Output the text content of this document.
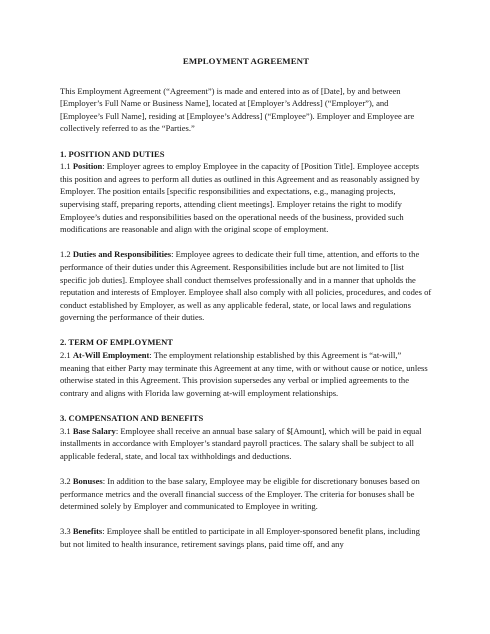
EMPLOYMENT AGREEMENT

This Employment Agreement (“Agreement”) is made and entered into as of [Date], by and between [Employer’s Full Name or Business Name], located at [Employer’s Address] (“Employer”), and [Employee’s Full Name], residing at [Employee’s Address] (“Employee”). Employer and Employee are collectively referred to as the “Parties.”

1. POSITION AND DUTIES

1.1 Position: Employer agrees to employ Employee in the capacity of [Position Title]. Employee accepts this position and agrees to perform all duties as outlined in this Agreement and as reasonably assigned by Employer. The position entails [specific responsibilities and expectations, e.g., managing projects, supervising staff, preparing reports, attending client meetings]. Employer retains the right to modify Employee’s duties and responsibilities based on the operational needs of the business, provided such modifications are reasonable and align with the original scope of employment.

1.2 Duties and Responsibilities: Employee agrees to dedicate their full time, attention, and efforts to the performance of their duties under this Agreement. Responsibilities include but are not limited to [list specific job duties]. Employee shall conduct themselves professionally and in a manner that upholds the reputation and interests of Employer. Employee shall also comply with all policies, procedures, and codes of conduct established by Employer, as well as any applicable federal, state, or local laws and regulations governing the performance of their duties.

2. TERM OF EMPLOYMENT

2.1 At-Will Employment: The employment relationship established by this Agreement is “at-will,” meaning that either Party may terminate this Agreement at any time, with or without cause or notice, unless otherwise stated in this Agreement. This provision supersedes any verbal or implied agreements to the contrary and aligns with Florida law governing at-will employment relationships.

3. COMPENSATION AND BENEFITS

3.1 Base Salary: Employee shall receive an annual base salary of $[Amount], which will be paid in equal installments in accordance with Employer’s standard payroll practices. The salary shall be subject to all applicable federal, state, and local tax withholdings and deductions.

3.2 Bonuses: In addition to the base salary, Employee may be eligible for discretionary bonuses based on performance metrics and the overall financial success of the Employer. The criteria for bonuses shall be determined solely by Employer and communicated to Employee in writing.

3.3 Benefits: Employee shall be entitled to participate in all Employer-sponsored benefit plans, including but not limited to health insurance, retirement savings plans, paid time off, and any
